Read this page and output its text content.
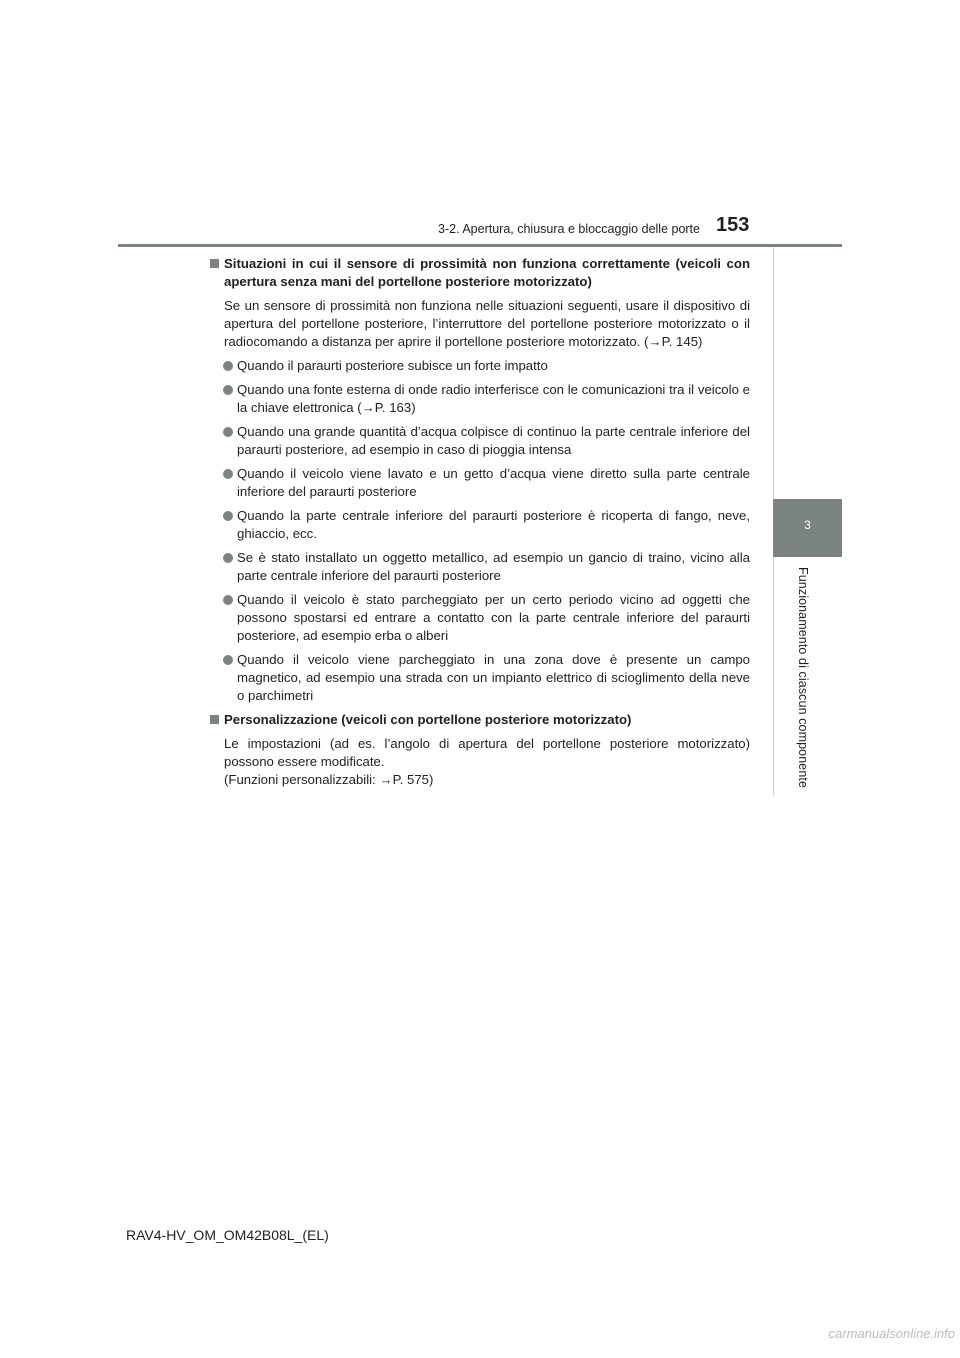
3-2. Apertura, chiusura e bloccaggio delle porte 153
3
Funzionamento di ciascun componente
Situazioni in cui il sensore di prossimità non funziona correttamente (veicoli con apertura senza mani del portellone posteriore motorizzato)
Se un sensore di prossimità non funziona nelle situazioni seguenti, usare il dispositivo di apertura del portellone posteriore, l’interruttore del portellone posteriore motorizzato o il radiocomando a distanza per aprire il portellone posteriore motorizzato. (→P. 145)
Quando il paraurti posteriore subisce un forte impatto
Quando una fonte esterna di onde radio interferisce con le comunicazioni tra il veicolo e la chiave elettronica (→P. 163)
Quando una grande quantità d’acqua colpisce di continuo la parte centrale inferiore del paraurti posteriore, ad esempio in caso di pioggia intensa
Quando il veicolo viene lavato e un getto d’acqua viene diretto sulla parte centrale inferiore del paraurti posteriore
Quando la parte centrale inferiore del paraurti posteriore è ricoperta di fango, neve, ghiaccio, ecc.
Se è stato installato un oggetto metallico, ad esempio un gancio di traino, vicino alla parte centrale inferiore del paraurti posteriore
Quando il veicolo è stato parcheggiato per un certo periodo vicino ad oggetti che possono spostarsi ed entrare a contatto con la parte centrale inferiore del paraurti posteriore, ad esempio erba o alberi
Quando il veicolo viene parcheggiato in una zona dove è presente un campo magnetico, ad esempio una strada con un impianto elettrico di scioglimento della neve o parchimetri
Personalizzazione (veicoli con portellone posteriore motorizzato)
Le impostazioni (ad es. l’angolo di apertura del portellone posteriore motorizzato) possono essere modificate.
(Funzioni personalizzabili: →P. 575)
RAV4-HV_OM_OM42B08L_(EL)
carmanualsonline.info
